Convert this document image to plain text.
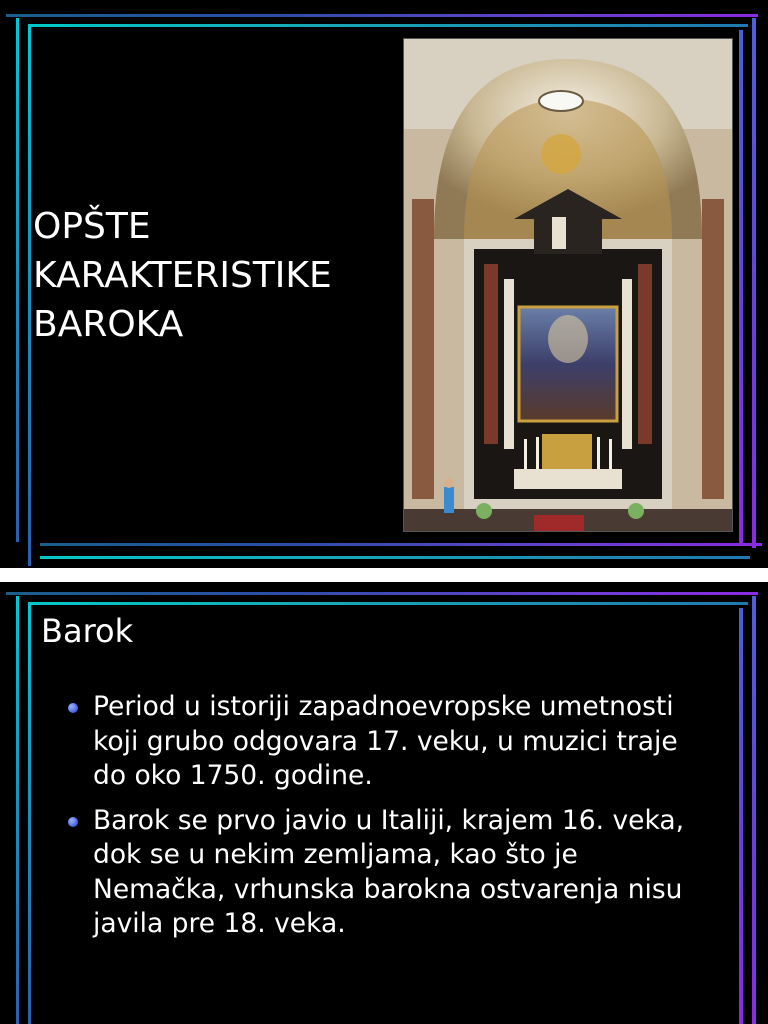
OPŠTE
KARAKTERISTIKE
BAROKA
Barok
Period u istoriji zapadnoevropske umetnosti koji grubo odgovara 17. veku, u muzici traje do oko 1750. godine.
Barok se prvo javio u Italiji, krajem 16. veka, dok se u nekim zemljama, kao što je Nemačka, vrhunska barokna ostvarenja nisu javila pre 18. veka.
